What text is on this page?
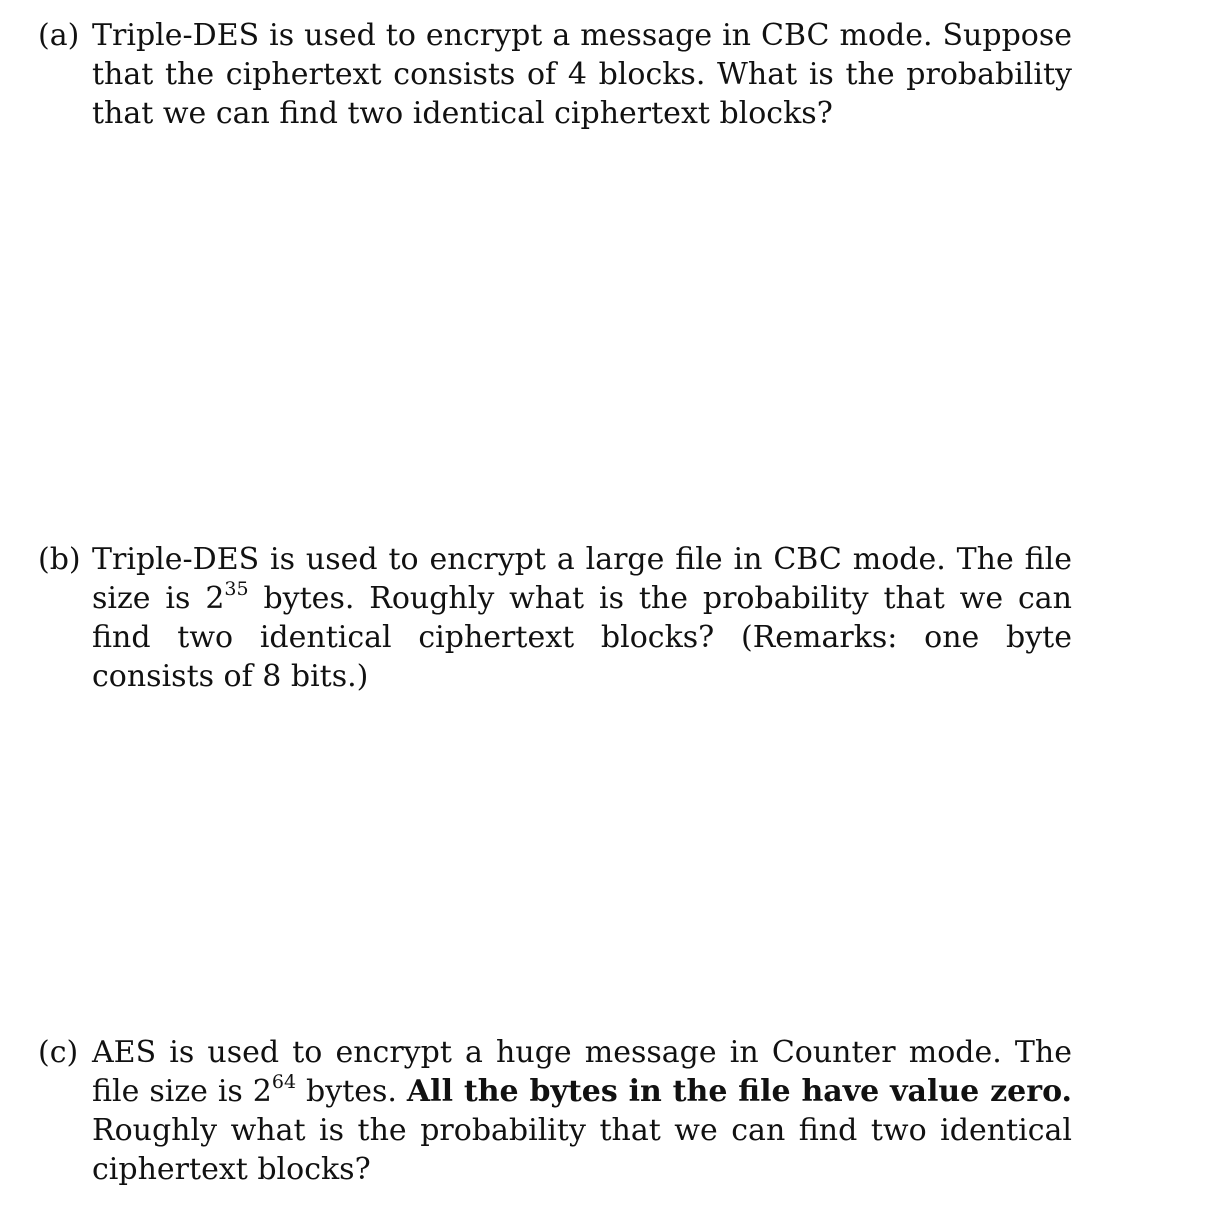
(a) Triple-DES is used to encrypt a message in CBC mode. Suppose that the ciphertext consists of 4 blocks. What is the probability that we can find two identical ciphertext blocks?
(b) Triple-DES is used to encrypt a large file in CBC mode. The file size is $2^{35}$ bytes. Roughly what is the probability that we can find two identical ciphertext blocks? (Remarks: one byte consists of 8 bits.)
(c) AES is used to encrypt a huge message in Counter mode. The file size is $2^{64}$ bytes. All the bytes in the file have value zero. Roughly what is the probability that we can find two identical ciphertext blocks?
